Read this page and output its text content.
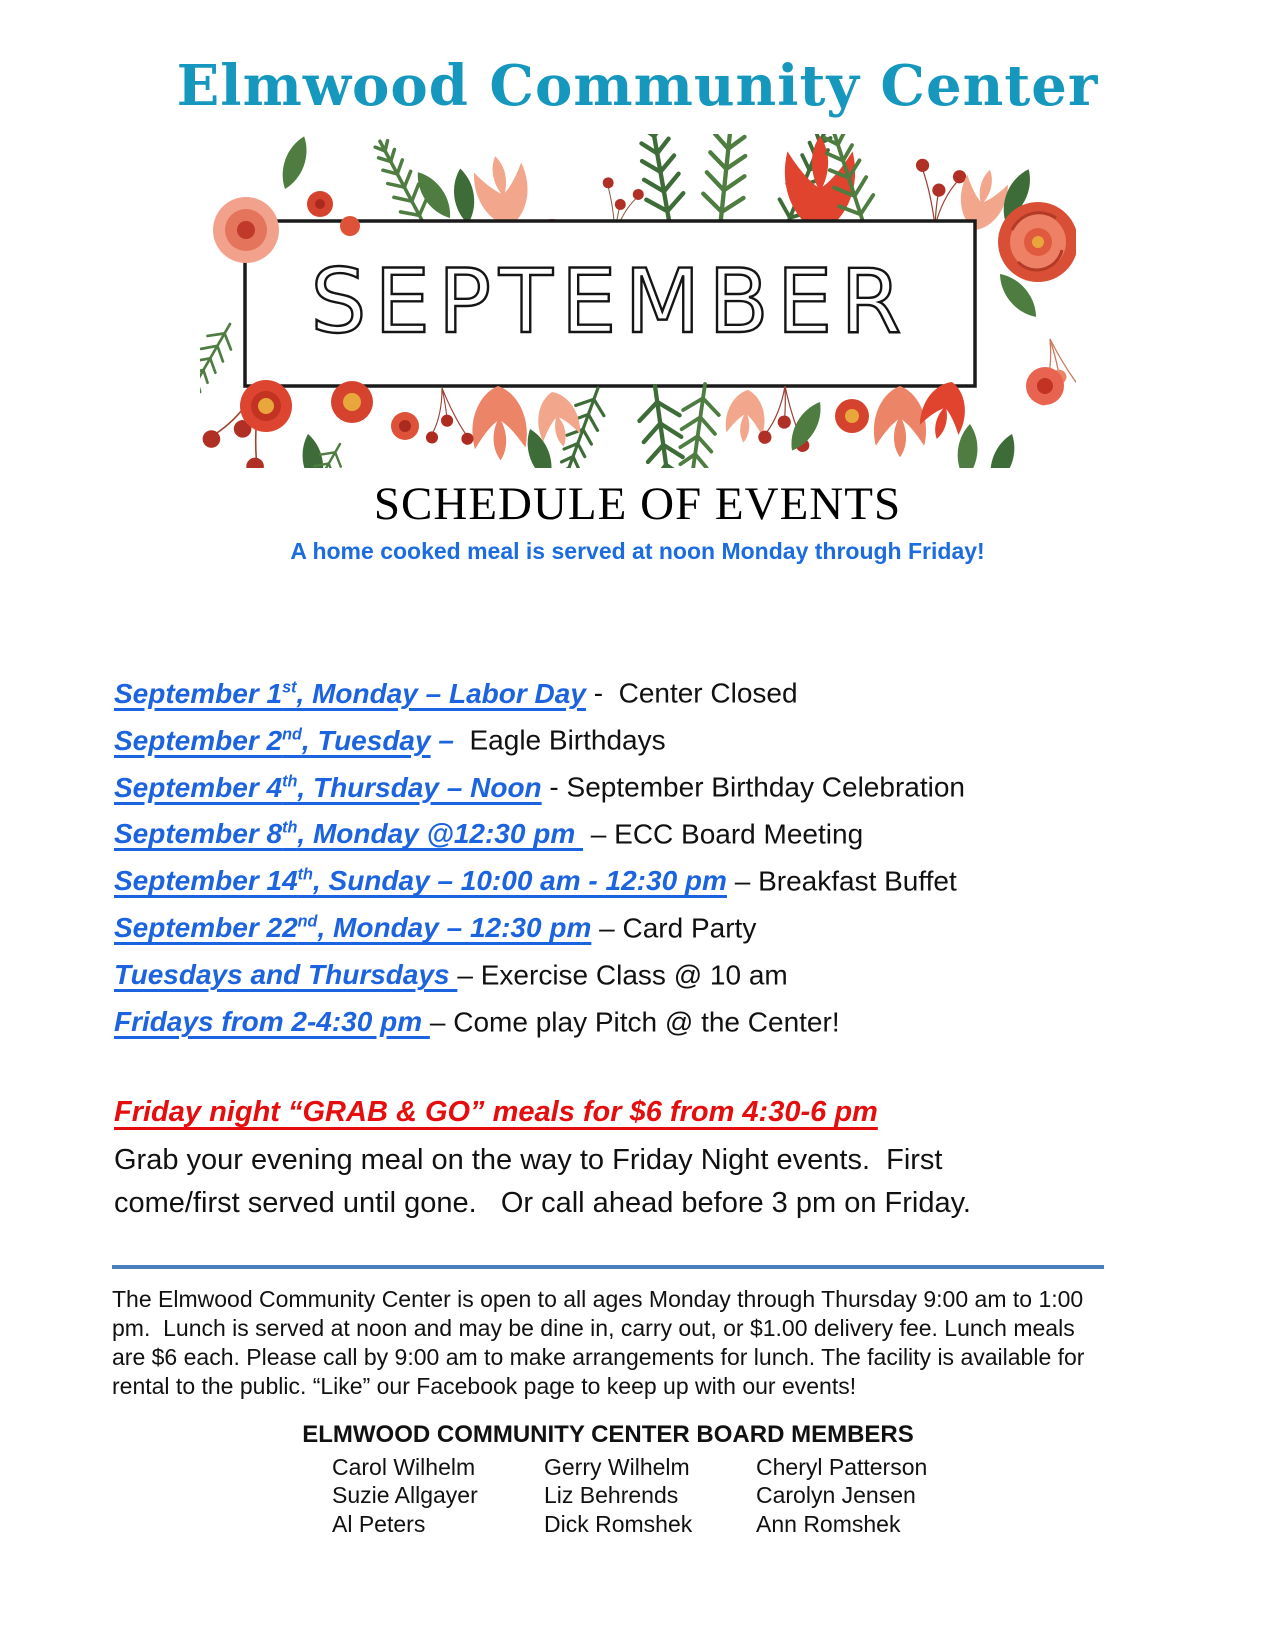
Elmwood Community Center
SEPTEMBER
SCHEDULE OF EVENTS

A home cooked meal is served at noon Monday through Friday!

September 1st, Monday – Labor Day -  Center Closed

September 2nd, Tuesday – Eagle Birthdays

September 4th, Thursday – Noon - September Birthday Celebration

September 8th, Monday @12:30 pm  – ECC Board Meeting

September 14th, Sunday – 10:00 am - 12:30 pm – Breakfast Buffet

September 22nd, Monday – 12:30 pm – Card Party

Tuesdays and Thursdays – Exercise Class @ 10 am

Fridays from 2-4:30 pm – Come play Pitch @ the Center!

Friday night “GRAB & GO” meals for $6 from 4:30-6 pm

Grab your evening meal on the way to Friday Night events.  First come/first served until gone.   Or call ahead before 3 pm on Friday.

The Elmwood Community Center is open to all ages Monday through Thursday 9:00 am to 1:00 pm.  Lunch is served at noon and may be dine in, carry out, or $1.00 delivery fee. Lunch meals are $6 each. Please call by 9:00 am to make arrangements for lunch. The facility is available for rental to the public. “Like” our Facebook page to keep up with our events!

ELMWOOD COMMUNITY CENTER BOARD MEMBERS
Carol Wilhelm	Gerry Wilhelm	Cheryl Patterson
Suzie Allgayer	Liz Behrends	Carolyn Jensen
Al Peters	Dick Romshek	Ann Romshek
